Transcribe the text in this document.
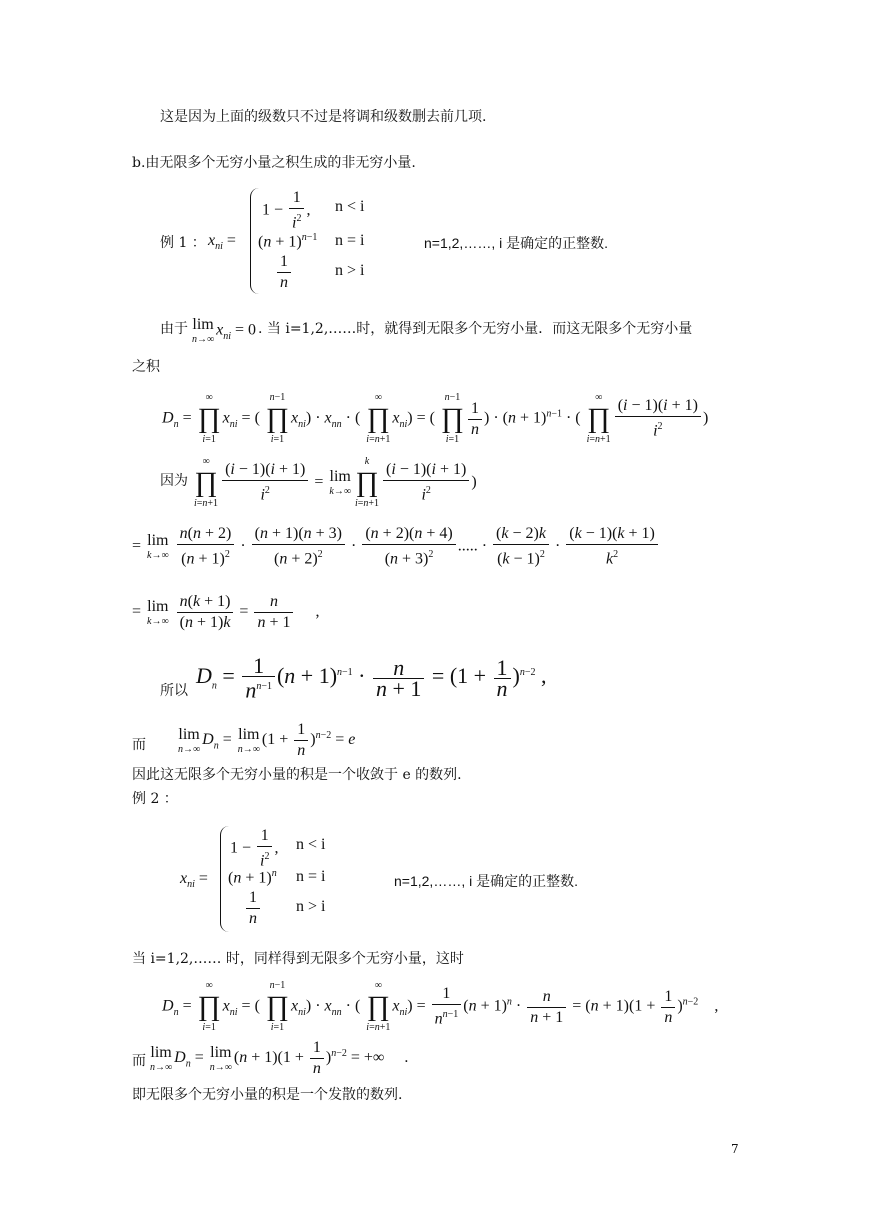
这是因为上面的级数只不过是将调和级数删去前几项.
b.由无限多个无穷小量之积生成的非无穷小量.
例 1 ： $x_{ni}$ =
$1 - \frac{1}{i^2}$ , n < i
$(n + 1)^{n-1}$ n = i
$\frac{1}{n}$	n > i
n=1,2,……, i 是确定的正整数.
由于 lim
n→∞
$x_{ni} = 0$ . 当 i=1,2,……时，就得到无限多个无穷小量．而这无限多个无穷小量
之积
$D_n$ =
∞
∏
i=1
$x_{ni}$ = (
n−1
∏
i=1
$x_{ni}) \cdot x_{nn}$ · (
∞
∏
i=n+1
$x_{ni}$) = (
n−1
∏
$i=1 \frac{1}{n}$ ) · $(n + 1)^{n-1}$ · (
∞
∏
$i=n+1 \frac{(i - 1)(i + 1)}{i^2}$ )
因为
∞
∏
$i=n+1 \frac{(i - 1)(i + 1)}{i^2} = \lim$
k→∞
k
∏
$i=n+1 \frac{(i - 1)(i + 1)}{i^2}$ )
= lim
k→∞
$\frac{n(n + 2)}{(n + 1)^2} \cdot \frac{(n + 1)(n + 3)}{(n + 2)^2} \cdot \frac{(n + 2)(n + 4)}{(n + 3)^2}$ ..... · $\frac{(k - 2)k}{(k - 1)^2} \cdot \frac{(k - 1)(k + 1)}{k^2}$
= lim
k→∞
$\frac{n(k + 1)}{(n + 1)k} = \frac{n}{n + 1}$ ,
所以
$D_n = \frac{1}{n^{n-1}} (n + 1)^{n-1} \cdot \frac{n}{n + 1} = (1 + \frac{1}{n} )^{n-2}$ ,
而
lim
n→∞
$D_n = \lim$
n→∞
$(1 + \frac{1}{n} )^{n-2} = e$
因此这无限多个无穷小量的积是一个收敛于 e 的数列.
例 2 ：
$x_{ni}$ =
$1 - \frac{1}{i^2}$ , n < i
$(n + 1)^n$ n = i
$\frac{1}{n}$ n > i
n=1,2,……, i 是确定的正整数.
当 i=1,2,…… 时，同样得到无限多个无穷小量，这时
$D_n$ =
∞
∏
i=1
$x_{ni}$ = (
n−1
∏
i=1
$x_{ni}) \cdot x_{nn}$ · (
∞
∏
i=n+1
$x_{ni}) = \frac{1}{n^{n-1}} (n + 1)^n \cdot \frac{n}{n + 1} = (n + 1)(1 + \frac{1}{n} )^{n-2}$    ,
而
lim
n→∞
$D_n = \lim$
n→∞
$(n + 1)(1 + \frac{1}{n} )^{n-2}$ = +∞     .
即无限多个无穷小量的积是一个发散的数列.
7
